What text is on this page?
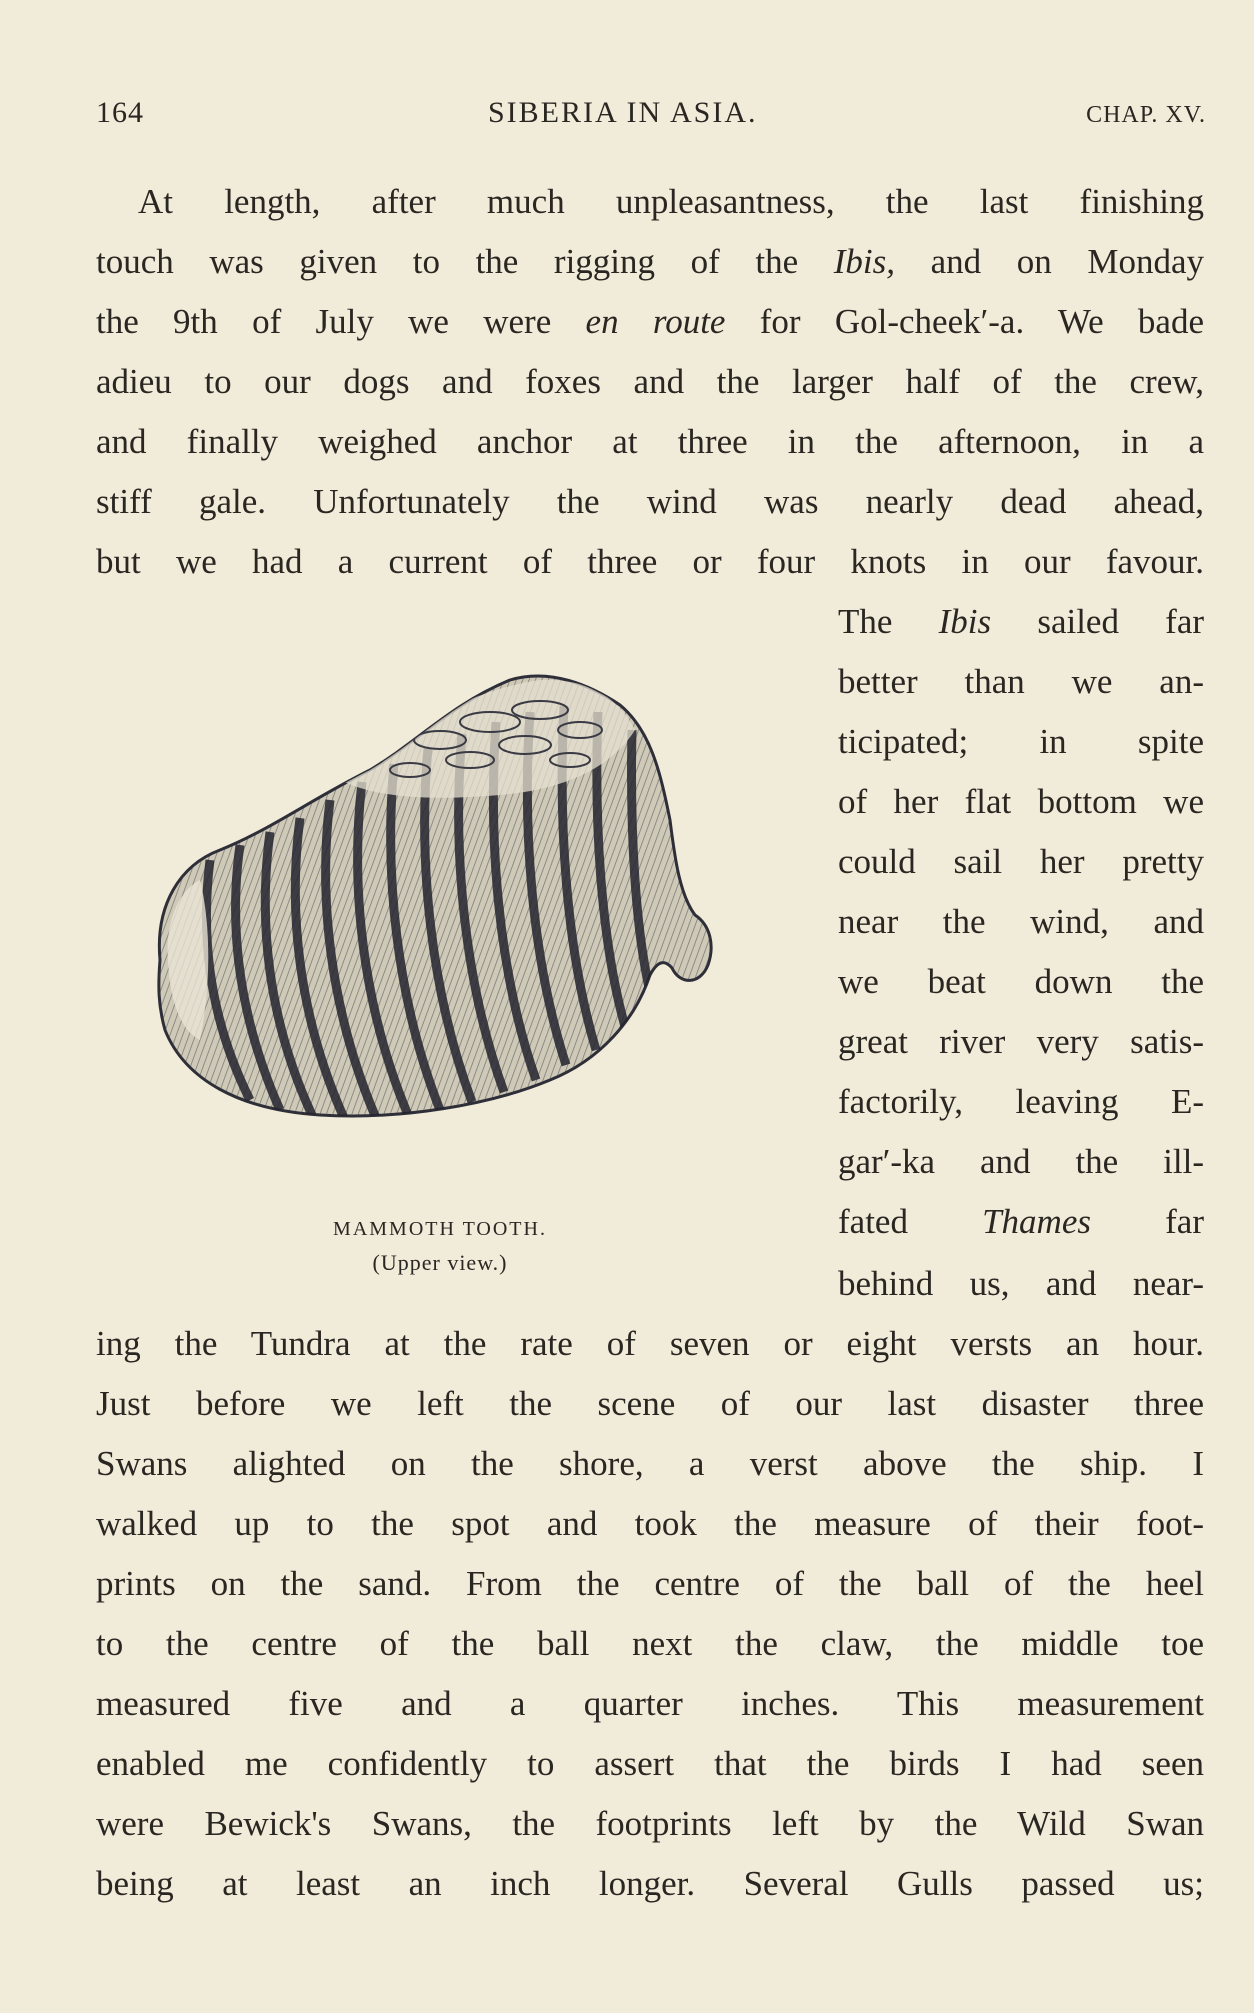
164	SIBERIA IN ASIA.	CHAP. XV.
At length, after much unpleasantness, the last finishing
touch was given to the rigging of the Ibis, and on Monday
the 9th of July we were en route for Gol-cheek′-a. We bade
adieu to our dogs and foxes and the larger half of the crew,
and finally weighed anchor at three in the afternoon, in a
stiff gale. Unfortunately the wind was nearly dead ahead,
but we had a current of three or four knots in our favour.
The Ibis sailed far
better than we an-
ticipated; in spite
of her flat bottom we
could sail her pretty
near the wind, and
we beat down the
great river very satis-
factorily, leaving E-
gar′-ka and the ill-
fated Thames far
behind us, and near-
MAMMOTH TOOTH.
(Upper view.)
ing the Tundra at the rate of seven or eight versts an hour.
Just before we left the scene of our last disaster three
Swans alighted on the shore, a verst above the ship. I
walked up to the spot and took the measure of their foot-
prints on the sand. From the centre of the ball of the heel
to the centre of the ball next the claw, the middle toe
measured five and a quarter inches. This measurement
enabled me confidently to assert that the birds I had seen
were Bewick's Swans, the footprints left by the Wild Swan
being at least an inch longer. Several Gulls passed us;
